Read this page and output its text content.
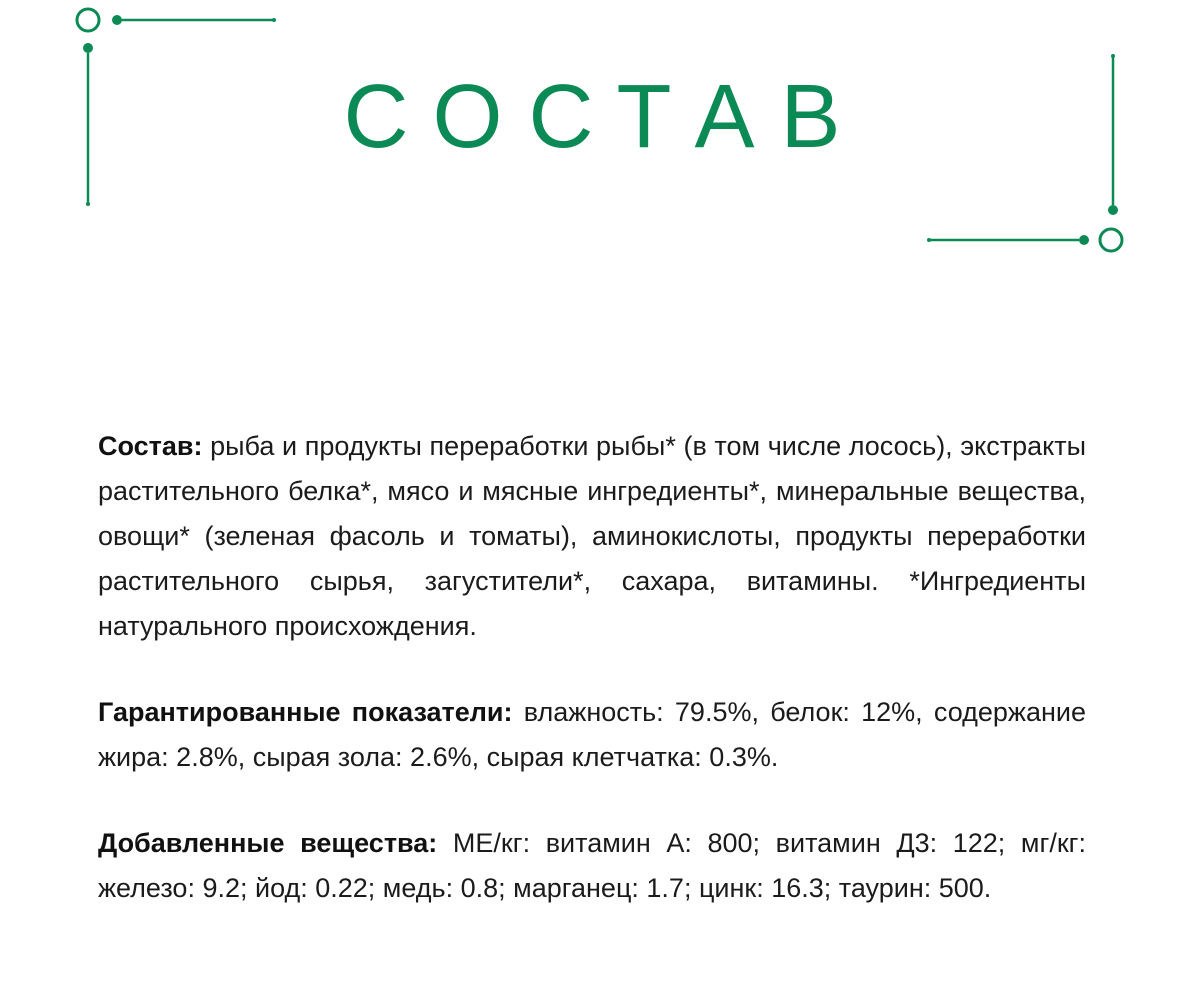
СОСТАВ

Состав: рыба и продукты переработки рыбы* (в том числе лосось), экстракты растительного белка*, мясо и мясные ингредиенты*, минеральные вещества, овощи* (зеленая фасоль и томаты), аминокислоты, продукты переработки растительного сырья, загустители*, сахара, витамины. *Ингредиенты натурального происхождения.

Гарантированные показатели: влажность: 79.5%, белок: 12%, содержание жира: 2.8%, сырая зола: 2.6%, сырая клетчатка: 0.3%.

Добавленные вещества: МЕ/кг: витамин А: 800; витамин Д3: 122; мг/кг: железо: 9.2; йод: 0.22; медь: 0.8; марганец: 1.7; цинк: 16.3; таурин: 500.
